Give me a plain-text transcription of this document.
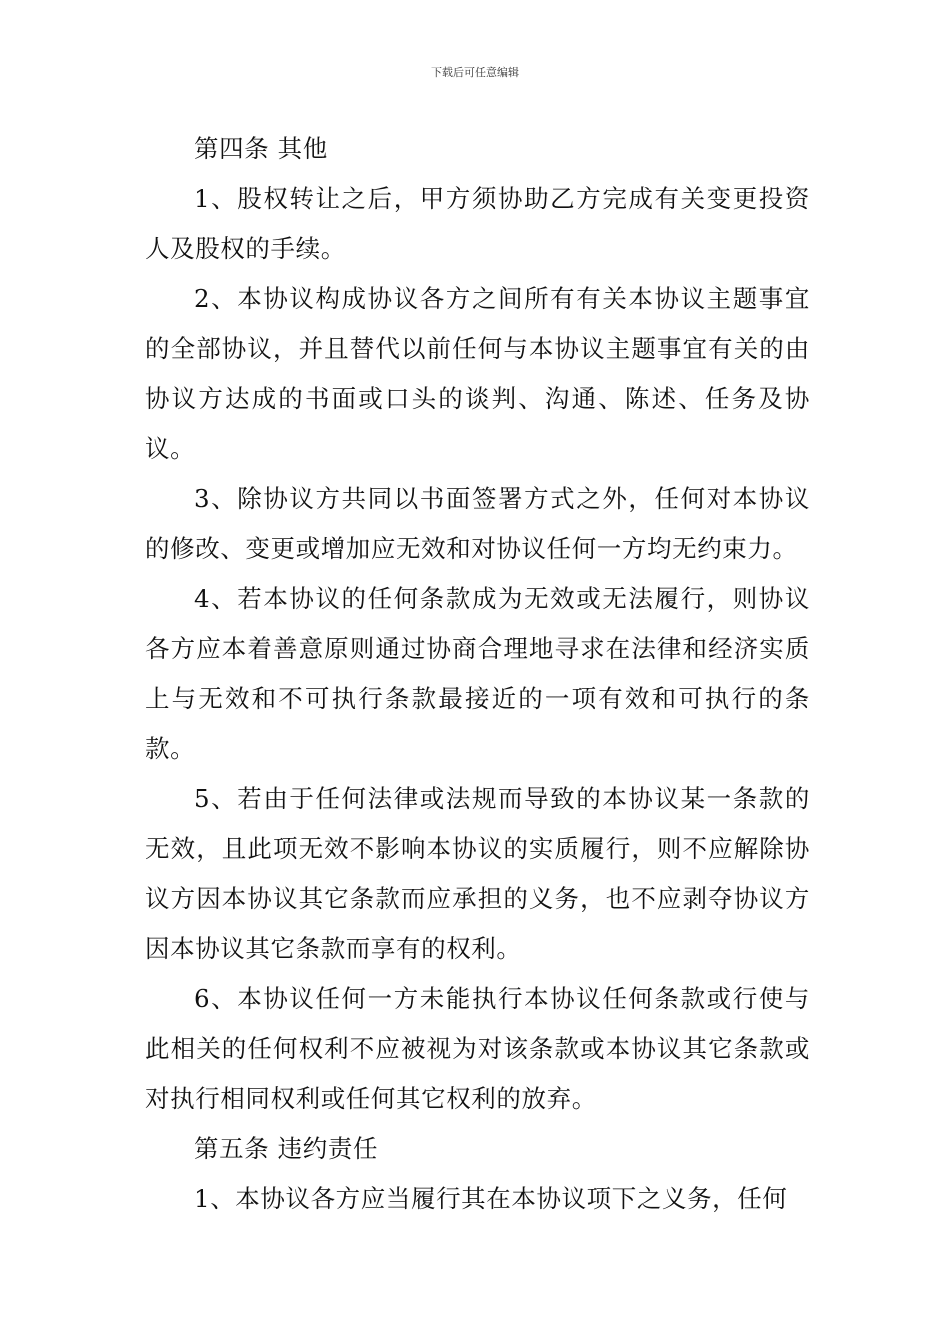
下载后可任意编辑

第四条 其他

1、股权转让之后，甲方须协助乙方完成有关变更投资人及股权的手续。

2、本协议构成协议各方之间所有有关本协议主题事宜的全部协议，并且替代以前任何与本协议主题事宜有关的由协议方达成的书面或口头的谈判、沟通、陈述、任务及协议。

3、除协议方共同以书面签署方式之外，任何对本协议的修改、变更或增加应无效和对协议任何一方均无约束力。

4、若本协议的任何条款成为无效或无法履行，则协议各方应本着善意原则通过协商合理地寻求在法律和经济实质上与无效和不可执行条款最接近的一项有效和可执行的条款。

5、若由于任何法律或法规而导致的本协议某一条款的无效，且此项无效不影响本协议的实质履行，则不应解除协议方因本协议其它条款而应承担的义务，也不应剥夺协议方因本协议其它条款而享有的权利。

6、本协议任何一方未能执行本协议任何条款或行使与此相关的任何权利不应被视为对该条款或本协议其它条款或对执行相同权利或任何其它权利的放弃。

第五条 违约责任

1、本协议各方应当履行其在本协议项下之义务，任何
